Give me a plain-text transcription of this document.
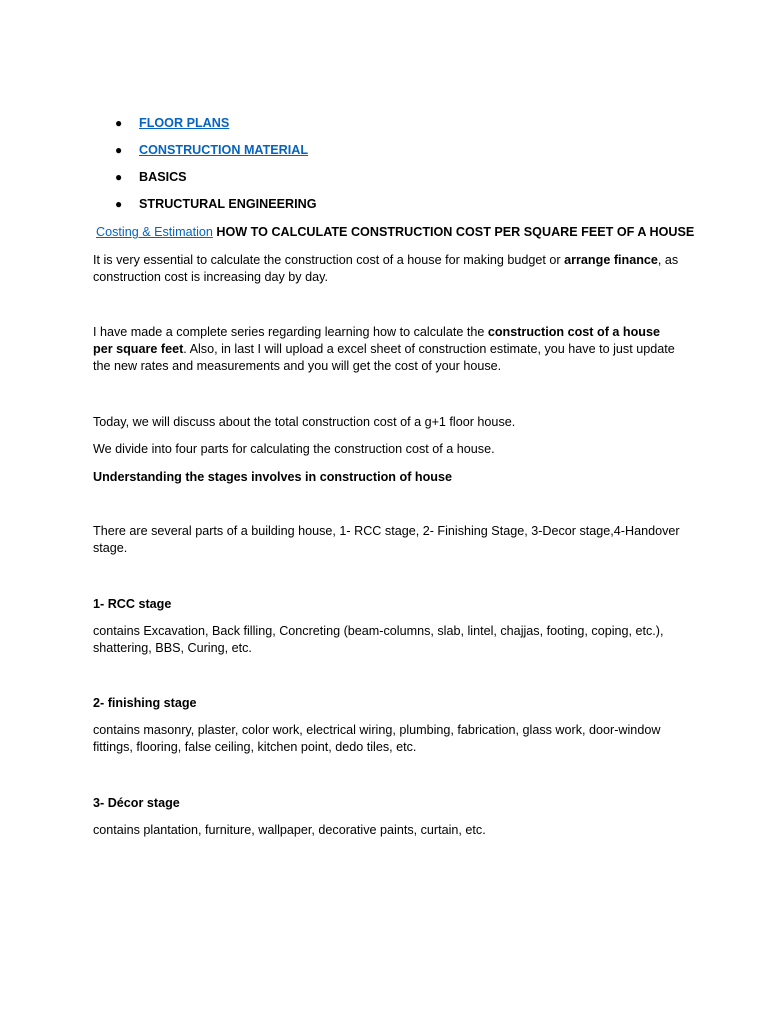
● FLOOR PLANS
● CONSTRUCTION MATERIAL
● BASICS
● STRUCTURAL ENGINEERING
Costing & Estimation HOW TO CALCULATE CONSTRUCTION COST PER SQUARE FEET OF A HOUSE

It is very essential to calculate the construction cost of a house for making budget or arrange finance, as construction cost is increasing day by day.

I have made a complete series regarding learning how to calculate the construction cost of a house per square feet. Also, in last I will upload a excel sheet of construction estimate, you have to just update the new rates and measurements and you will get the cost of your house.

Today, we will discuss about the total construction cost of a g+1 floor house.

We divide into four parts for calculating the construction cost of a house.

Understanding the stages involves in construction of house

There are several parts of a building house, 1- RCC stage, 2- Finishing Stage, 3-Decor stage,4-Handover stage.

1- RCC stage

contains Excavation, Back filling, Concreting (beam-columns, slab, lintel, chajjas, footing, coping, etc.), shattering, BBS, Curing, etc.

2- finishing stage

contains masonry, plaster, color work, electrical wiring, plumbing, fabrication, glass work, door-window fittings, flooring, false ceiling, kitchen point, dedo tiles, etc.

3- Décor stage

contains plantation, furniture, wallpaper, decorative paints, curtain, etc.
